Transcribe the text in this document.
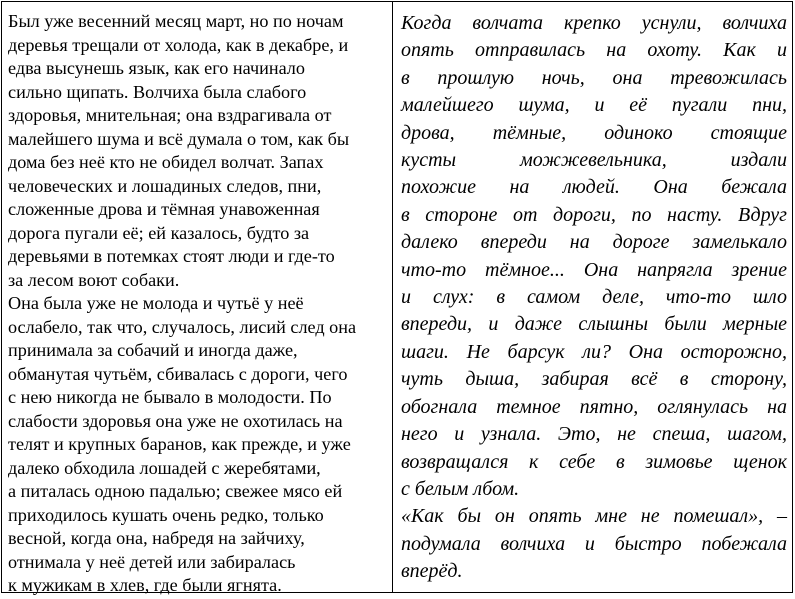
Был уже весенний месяц март, но по ночам
деревья трещали от холода, как в декабре, и
едва высунешь язык, как его начинало
сильно щипать. Волчиха была слабого
здоровья, мнительная; она вздрагивала от
малейшего шума и всё думала о том, как бы
дома без неё кто не обидел волчат. Запах
человеческих и лошадиных следов, пни,
сложенные дрова и тёмная унавоженная
дорога пугали её; ей казалось, будто за
деревьями в потемках стоят люди и где-то
за лесом воют собаки.
Она была уже не молода и чутьё у неё
ослабело, так что, случалось, лисий след она
принимала за собачий и иногда даже,
обманутая чутьём, сбивалась с дороги, чего
с нею никогда не бывало в молодости. По
слабости здоровья она уже не охотилась на
телят и крупных баранов, как прежде, и уже
далеко обходила лошадей с жеребятами,
а питалась одною падалью; свежее мясо ей
приходилось кушать очень редко, только
весной, когда она, набредя на зайчиху,
отнимала у неё детей или забиралась
к мужикам в хлев, где были ягнята.
Когда волчата крепко уснули, волчиха
опять отправилась на охоту. Как и
в прошлую ночь, она тревожилась
малейшего шума, и её пугали пни,
дрова, тёмные, одиноко стоящие
кусты можжевельника, издали
похожие на людей. Она бежала
в стороне от дороги, по насту. Вдруг
далеко впереди на дороге замелькало
что-то тёмное... Она напрягла зрение
и слух: в самом деле, что-то шло
впереди, и даже слышны были мерные
шаги. Не барсук ли? Она осторожно,
чуть дыша, забирая всё в сторону,
обогнала темное пятно, оглянулась на
него и узнала. Это, не спеша, шагом,
возвращался к себе в зимовье щенок
с белым лбом.
«Как бы он опять мне не помешал», –
подумала волчиха и быстро побежала
вперёд.
